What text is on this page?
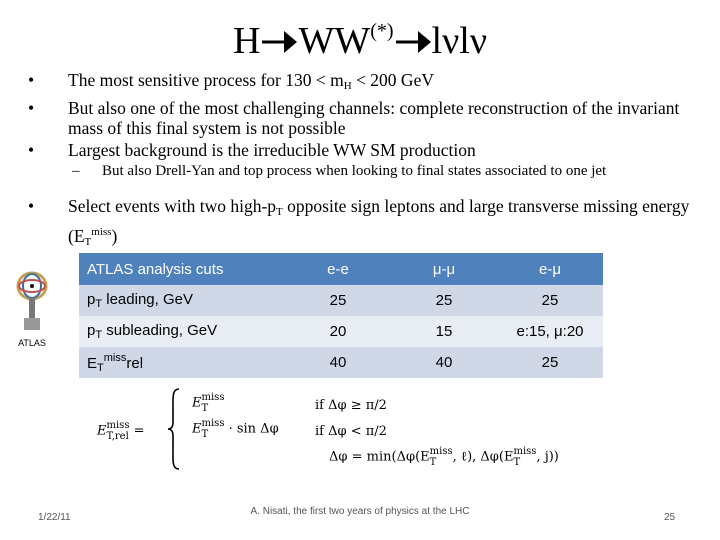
H WW(*) lνlν
• The most sensitive process for $130 < m_H < 200$ GeV
• But also one of the most challenging channels: complete reconstruction of the invariant mass of this final system is not possible
• Largest background is the irreducible WW SM production
– But also Drell-Yan and top process when looking to final states associated to one jet
• Select events with two high-$p_T$ opposite sign leptons and large transverse missing energy $(E_T^{miss})$
ATLAS
ATLAS analysis cuts	e-e	μ-μ	e-μ
$p_T$ leading, GeV	25	25	25
$p_T$ subleading, GeV	20	15	e:15, μ:20
$E_T^{miss}rel$	40	40	25
E miss
T,rel =
E miss
T	if Δφ ≥ π/2
E miss
T	· sin Δφ	if Δφ < π/2
Δφ = min(Δφ(E miss
T	, ℓ), Δφ(E miss
T	, j))
1/22/11
A. Nisati, the first two years of physics at the LHC
25
